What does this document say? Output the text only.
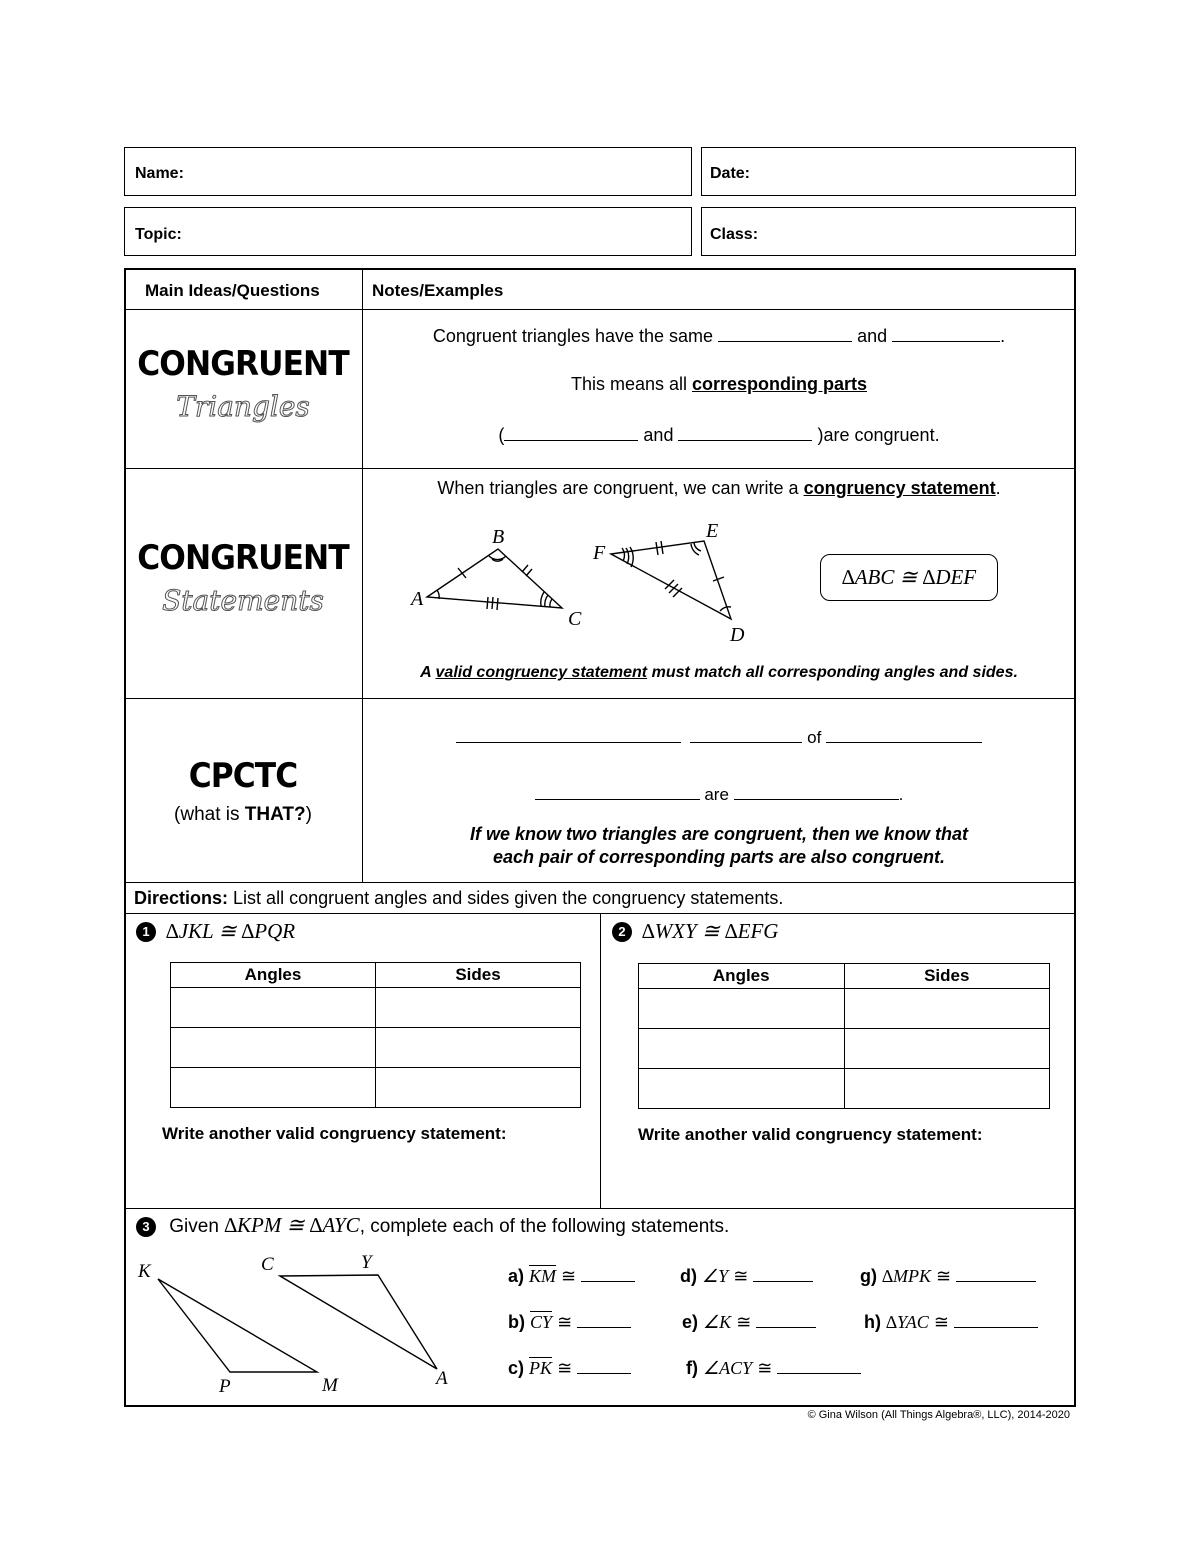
Name:	Date:
Topic:	Class:
Main Ideas/Questions	Notes/Examples
CONGRUENT
Triangles
Congruent triangles have the same	and	.
This means all corresponding parts
(	and	)are congruent.
CONGRUENT
Statements
When triangles are congruent, we can write a congruency statement.
A
B
C
F
E
D
∆ABC ≅ ∆DEF
A valid congruency statement must match all corresponding angles and sides.
CPCTC
(what is THAT?)
of
are	.
If we know two triangles are congruent, then we know that
each pair of corresponding parts are also congruent.
Directions: List all congruent angles and sides given the congruency statements.
1 ∆JKL ≅ ∆PQR
Angles	Sides

Write another valid congruency statement:
2 ∆WXY ≅ ∆EFG
Angles	Sides

Write another valid congruency statement:
3 Given ∆KPM ≅ ∆AYC, complete each of the following statements.
K
P	M
C	Y
A
a) $\overline{KM}$ ≅
b) $\overline{CY}$ ≅
c) $\overline{PK}$ ≅
d) ∠Y ≅
e) ∠K ≅
f) ∠ACY ≅
g) ∆MPK ≅
h) ∆YAC ≅
© Gina Wilson (All Things Algebra®, LLC), 2014-2020
